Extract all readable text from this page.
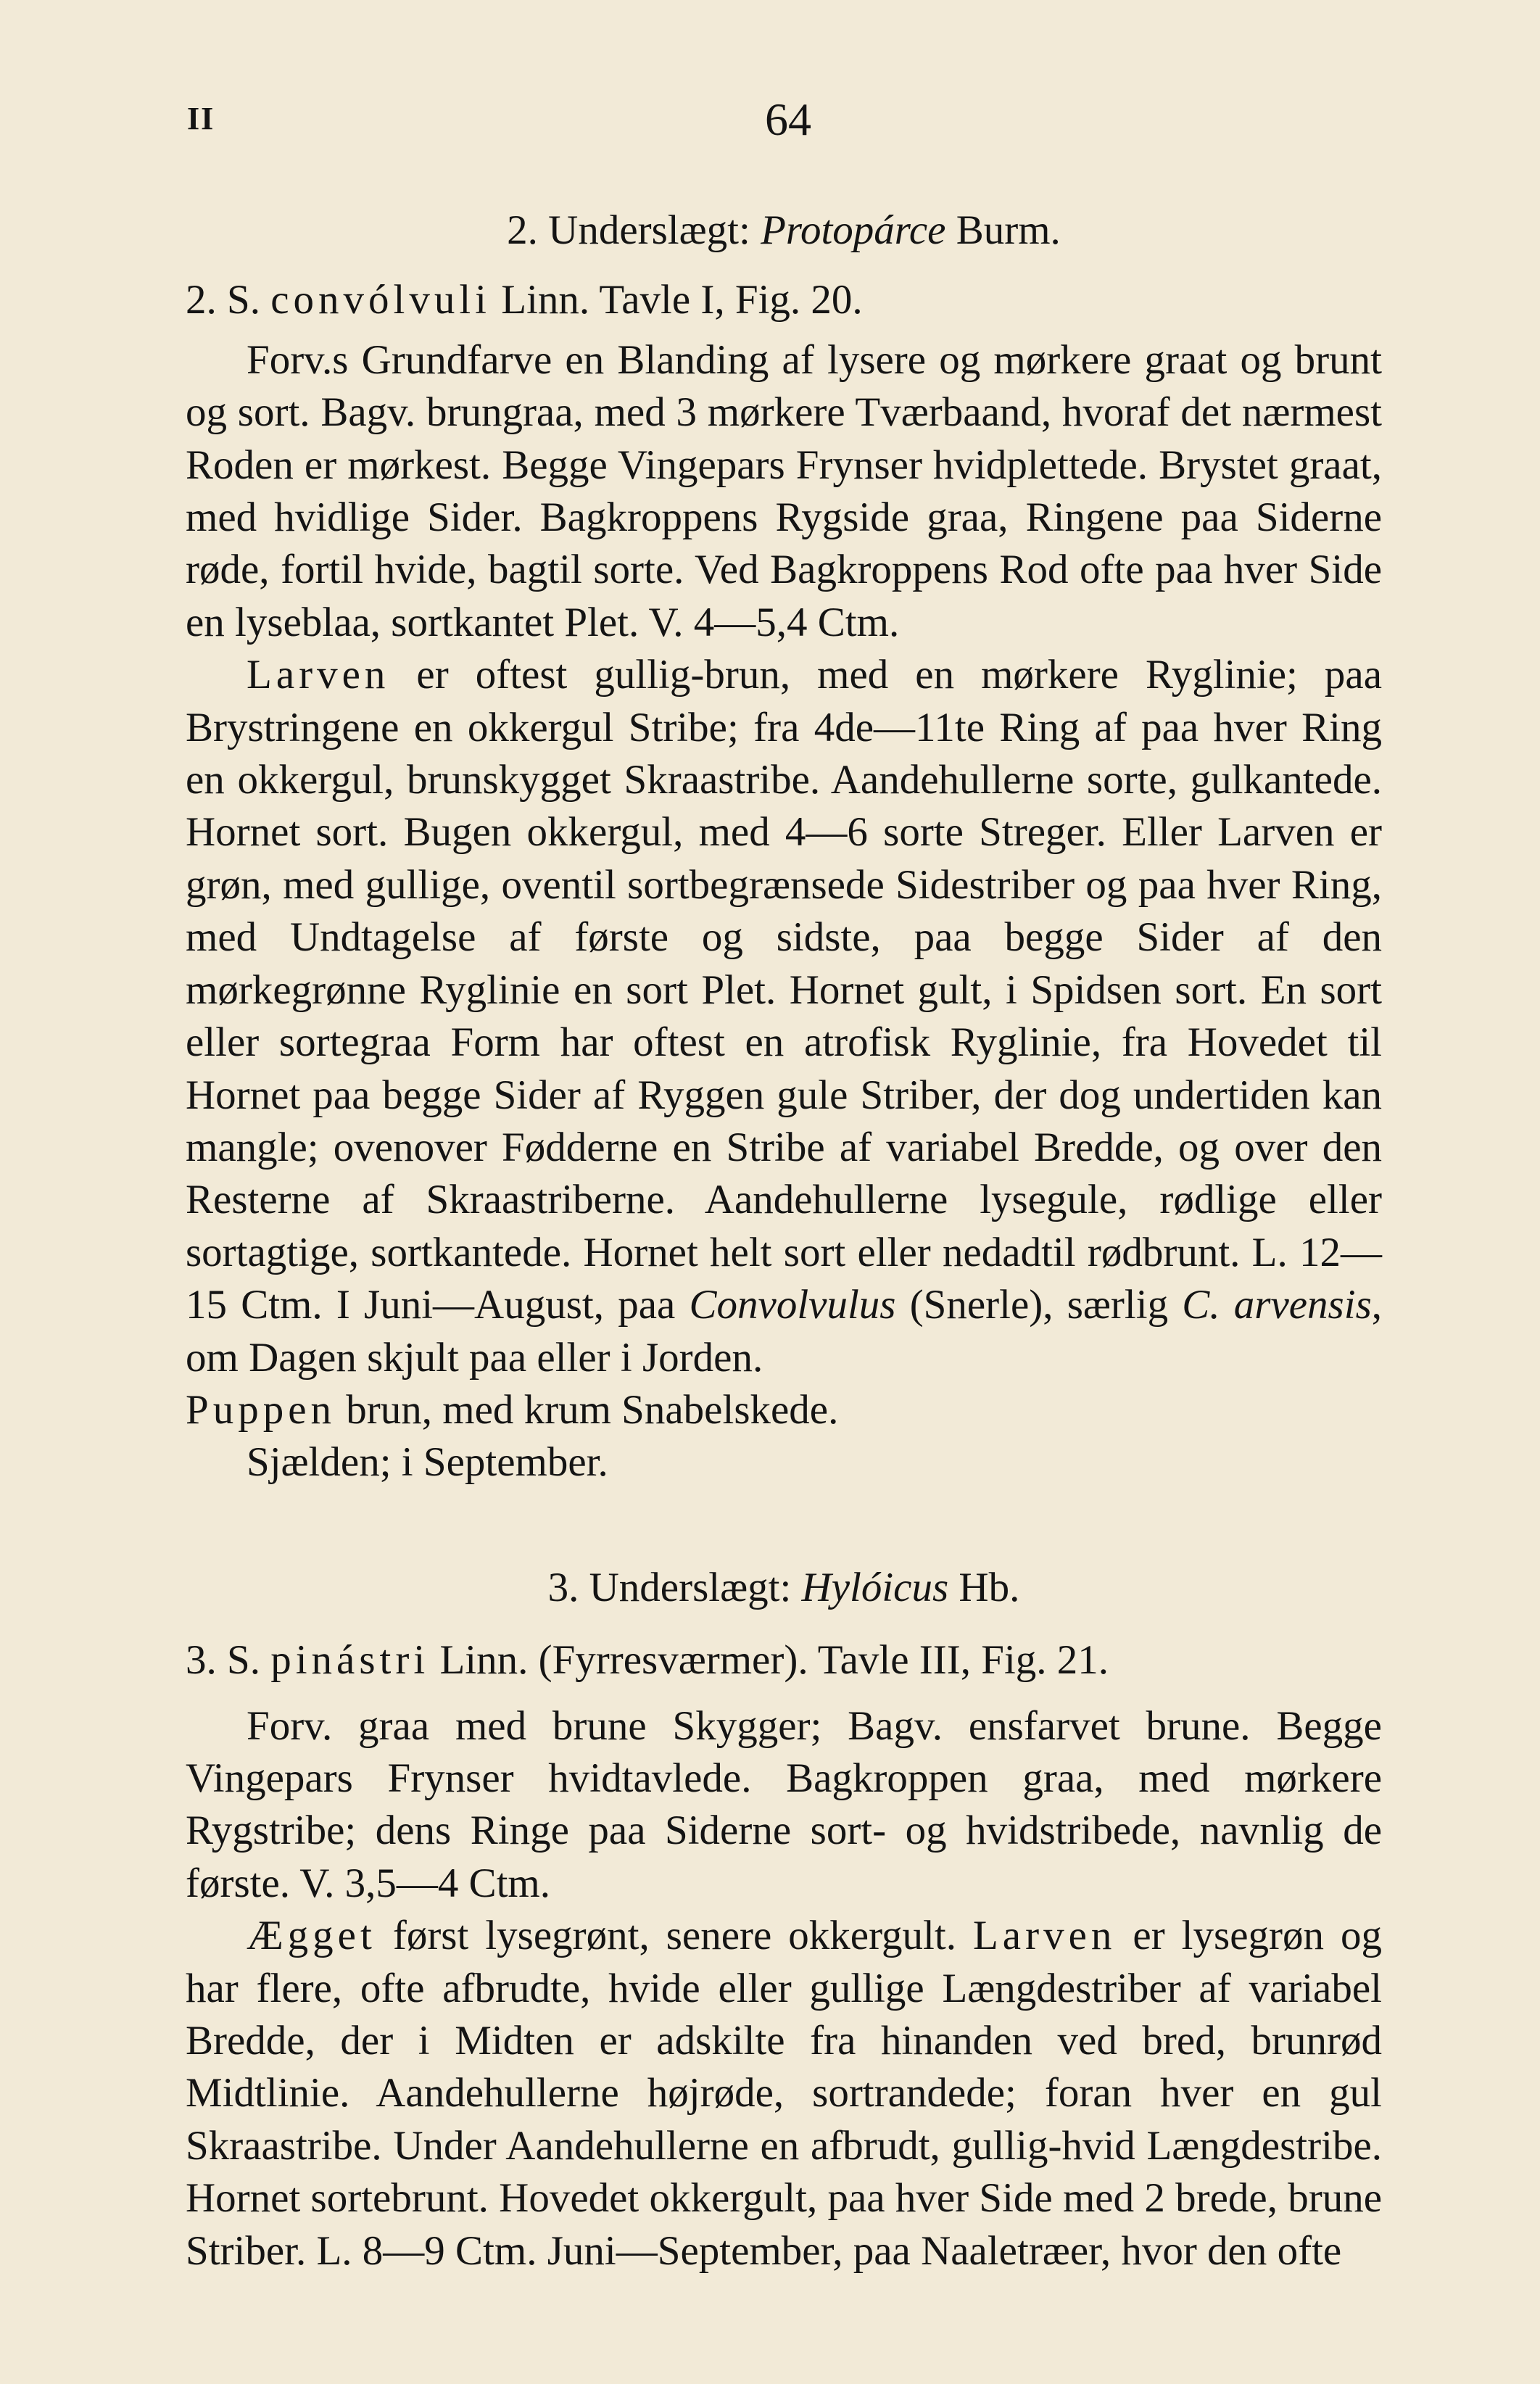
II	64

2. Underslægt: Protopárce Burm.

2. S. convólvuli Linn. Tavle I, Fig. 20.

Forv.s Grundfarve en Blanding af lysere og mørkere graat og brunt og sort. Bagv. brungraa, med 3 mørkere Tværbaand, hvoraf det nærmest Roden er mørkest. Begge Vingepars Frynser hvidplettede. Brystet graat, med hvidlige Sider. Bagkroppens Rygside graa, Ringene paa Siderne røde, fortil hvide, bagtil sorte. Ved Bagkroppens Rod ofte paa hver Side en lyseblaa, sortkantet Plet. V. 4—5,4 Ctm.

Larven er oftest gullig-brun, med en mørkere Ryglinie; paa Brystringene en okkergul Stribe; fra 4de—11te Ring af paa hver Ring en okkergul, brunskygget Skraastribe. Aandehullerne sorte, gulkantede. Hornet sort. Bugen okkergul, med 4—6 sorte Streger. Eller Larven er grøn, med gullige, oventil sortbegrænsede Sidestriber og paa hver Ring, med Undtagelse af første og sidste, paa begge Sider af den mørkegrønne Ryglinie en sort Plet. Hornet gult, i Spidsen sort. En sort eller sortegraa Form har oftest en atrofisk Ryglinie, fra Hovedet til Hornet paa begge Sider af Ryggen gule Striber, der dog undertiden kan mangle; ovenover Fødderne en Stribe af variabel Bredde, og over den Resterne af Skraastriberne. Aandehullerne lysegule, rødlige eller sortagtige, sortkantede. Hornet helt sort eller nedadtil rødbrunt. L. 12—15 Ctm. I Juni—August, paa Convolvulus (Snerle), særlig C. arvensis, om Dagen skjult paa eller i Jorden.

Puppen brun, med krum Snabelskede.

Sjælden; i September.

3. Underslægt: Hylóicus Hb.

3. S. pinástri Linn. (Fyrresværmer). Tavle III, Fig. 21.

Forv. graa med brune Skygger; Bagv. ensfarvet brune. Begge Vingepars Frynser hvidtavlede. Bagkroppen graa, med mørkere Rygstribe; dens Ringe paa Siderne sort- og hvidstribede, navnlig de første. V. 3,5—4 Ctm.

Ægget først lysegrønt, senere okkergult. Larven er lysegrøn og har flere, ofte afbrudte, hvide eller gullige Længdestriber af variabel Bredde, der i Midten er adskilte fra hinanden ved bred, brunrød Midtlinie. Aandehullerne højrøde, sortrandede; foran hver en gul Skraastribe. Under Aandehullerne en afbrudt, gullig-hvid Længdestribe. Hornet sortebrunt. Hovedet okkergult, paa hver Side med 2 brede, brune Striber. L. 8—9 Ctm. Juni—September, paa Naaletræer, hvor den ofte
